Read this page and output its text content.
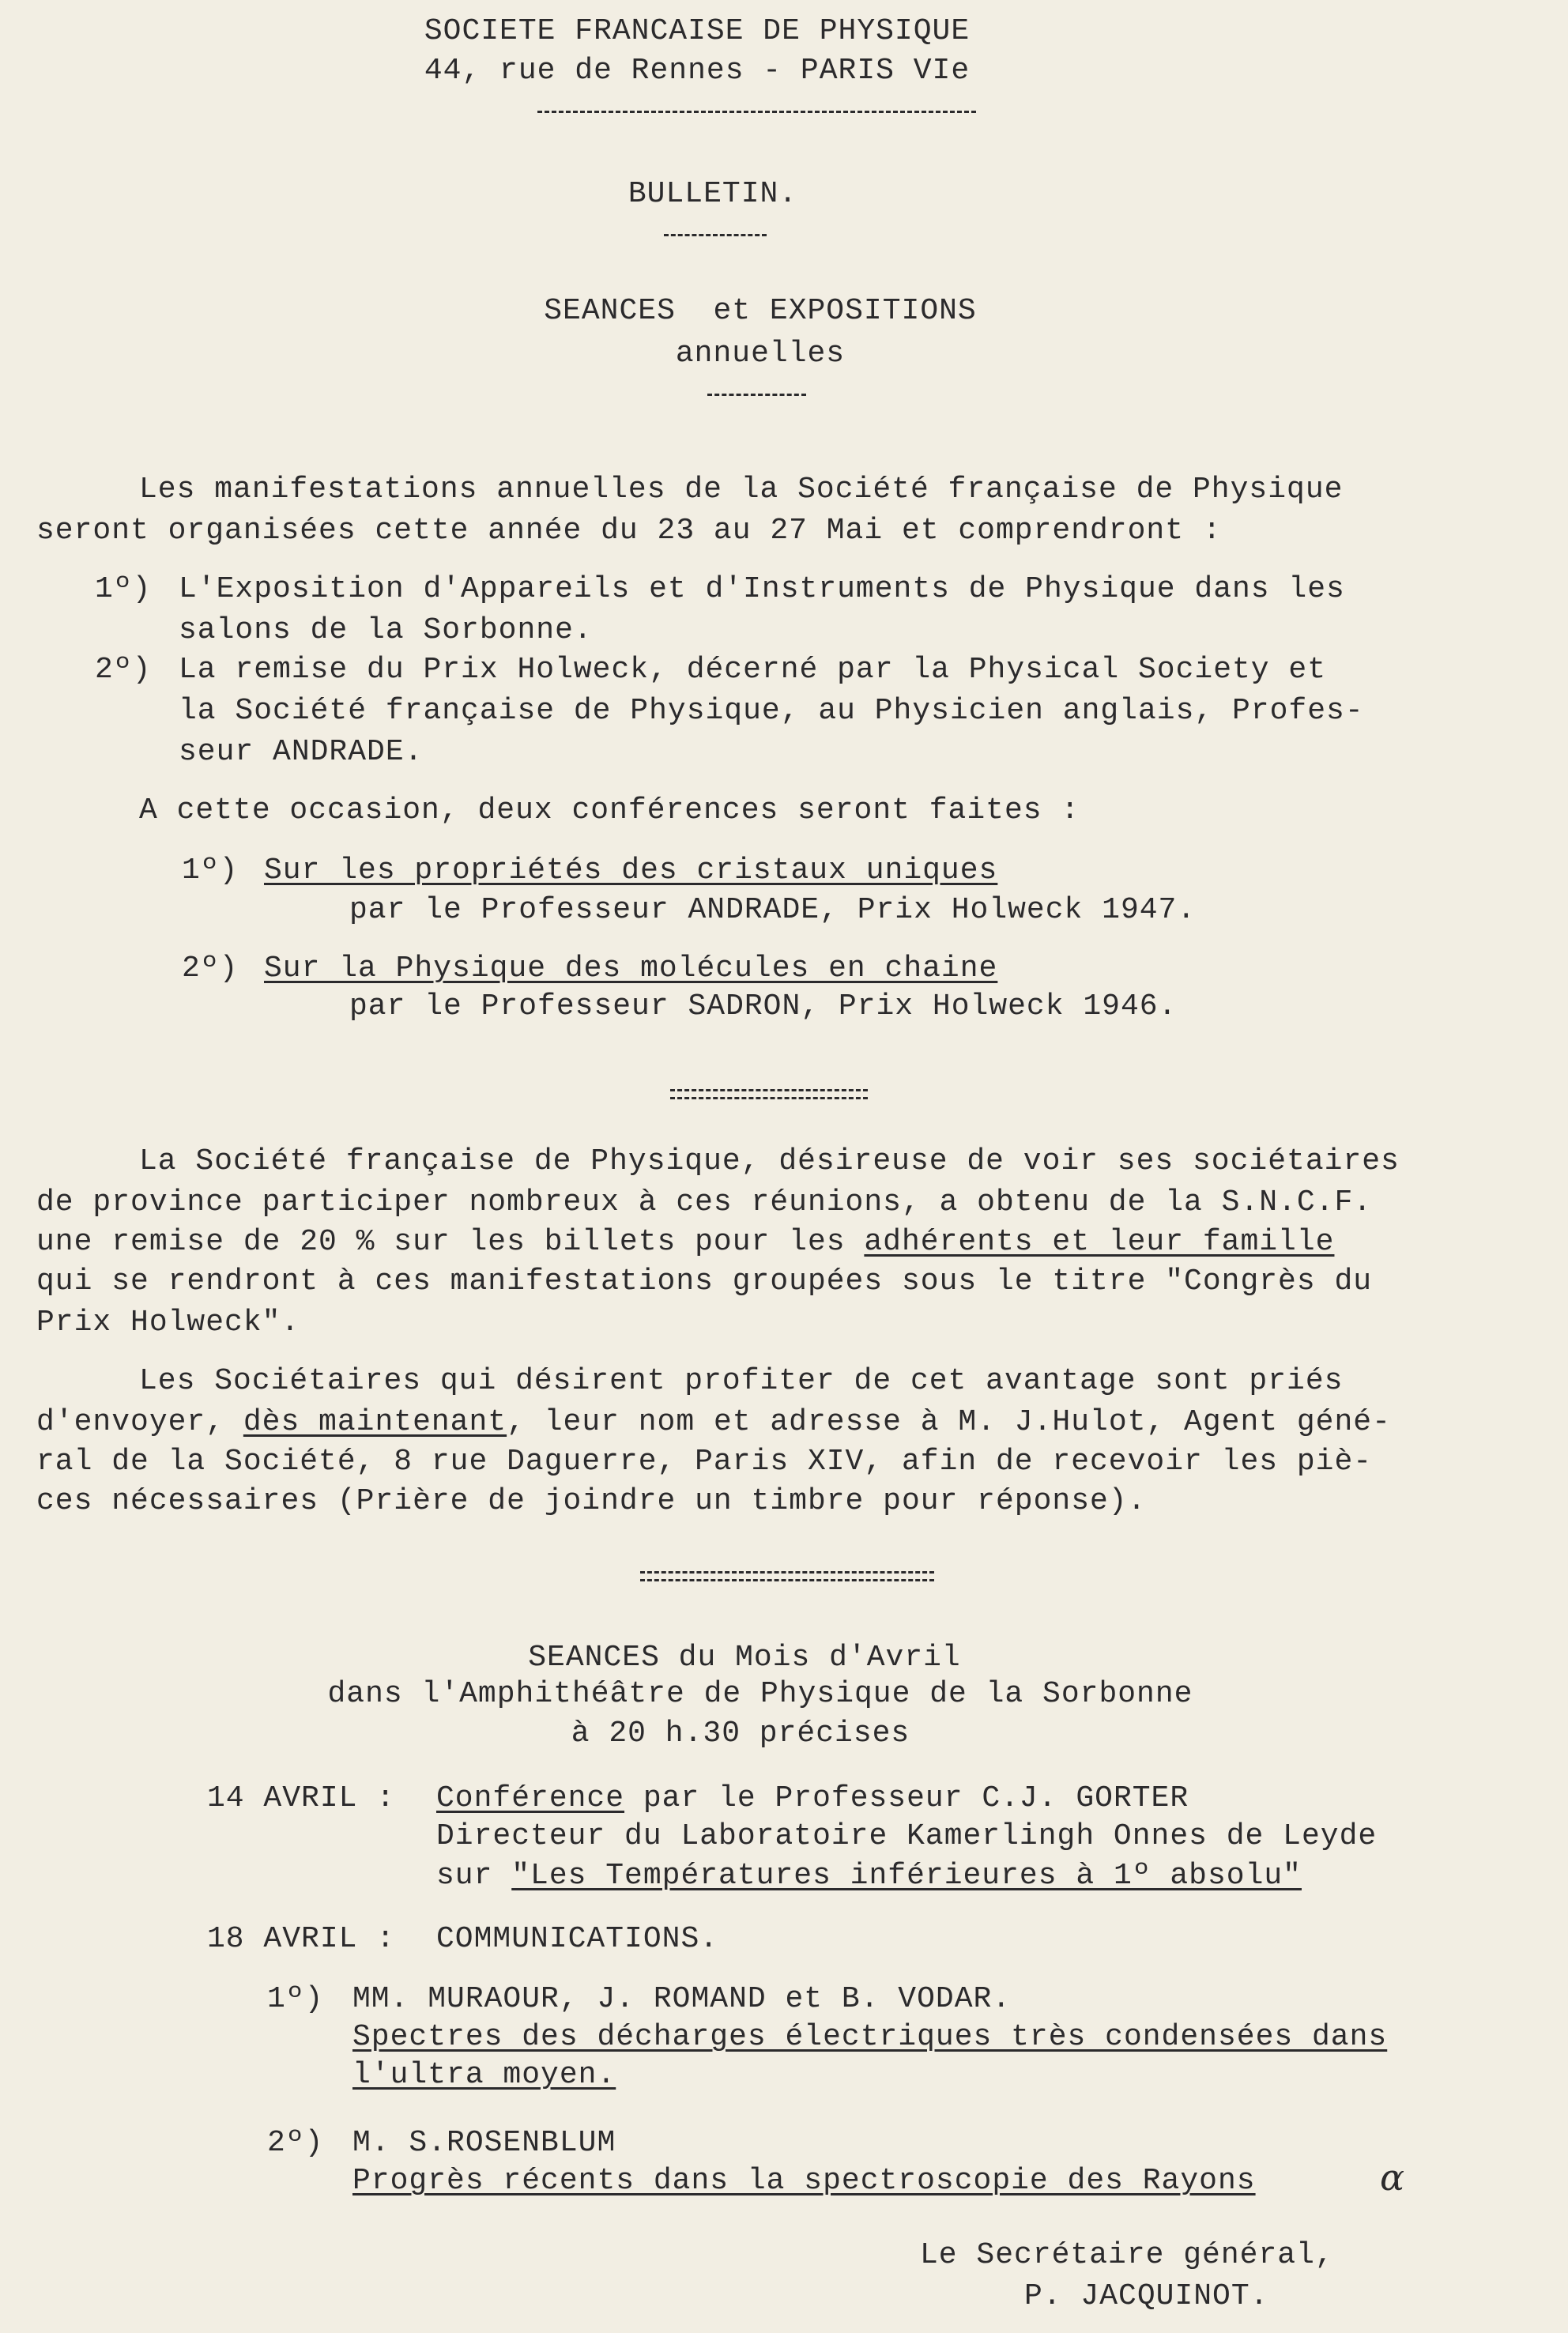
SOCIETE FRANCAISE DE PHYSIQUE
44, rue de Rennes - PARIS VIe
BULLETIN.
SEANCES  et EXPOSITIONS
annuelles
Les manifestations annuelles de la Société française de Physique
seront organisées cette année du 23 au 27 Mai et comprendront :
1º) L'Exposition d'Appareils et d'Instruments de Physique dans les
salons de la Sorbonne.
2º) La remise du Prix Holweck, décerné par la Physical Society et
la Société française de Physique, au Physicien anglais, Profes-
seur ANDRADE.
A cette occasion, deux conférences seront faites :
1º) Sur les propriétés des cristaux uniques
par le Professeur ANDRADE, Prix Holweck 1947.
2º) Sur la Physique des molécules en chaine
par le Professeur SADRON, Prix Holweck 1946.
La Société française de Physique, désireuse de voir ses sociétaires
de province participer nombreux à ces réunions, a obtenu de la S.N.C.F.
une remise de 20 % sur les billets pour les adhérents et leur famille
qui se rendront à ces manifestations groupées sous le titre "Congrès du
Prix Holweck".
Les Sociétaires qui désirent profiter de cet avantage sont priés
d'envoyer, dès maintenant, leur nom et adresse à M. J.Hulot, Agent géné-
ral de la Société, 8 rue Daguerre, Paris XIV, afin de recevoir les piè-
ces nécessaires (Prière de joindre un timbre pour réponse).
SEANCES du Mois d'Avril
dans l'Amphithéâtre de Physique de la Sorbonne
à 20 h.30 précises
14 AVRIL : Conférence par le Professeur C.J. GORTER
Directeur du Laboratoire Kamerlingh Onnes de Leyde
sur "Les Températures inférieures à 1º absolu"
18 AVRIL : COMMUNICATIONS.
1º) MM. MURAOUR, J. ROMAND et B. VODAR.
Spectres des décharges électriques très condensées dans
l'ultra moyen.
2º) M. S.ROSENBLUM
Progrès récents dans la spectroscopie des Rayons	α
Le Secrétaire général,
P. JACQUINOT.
